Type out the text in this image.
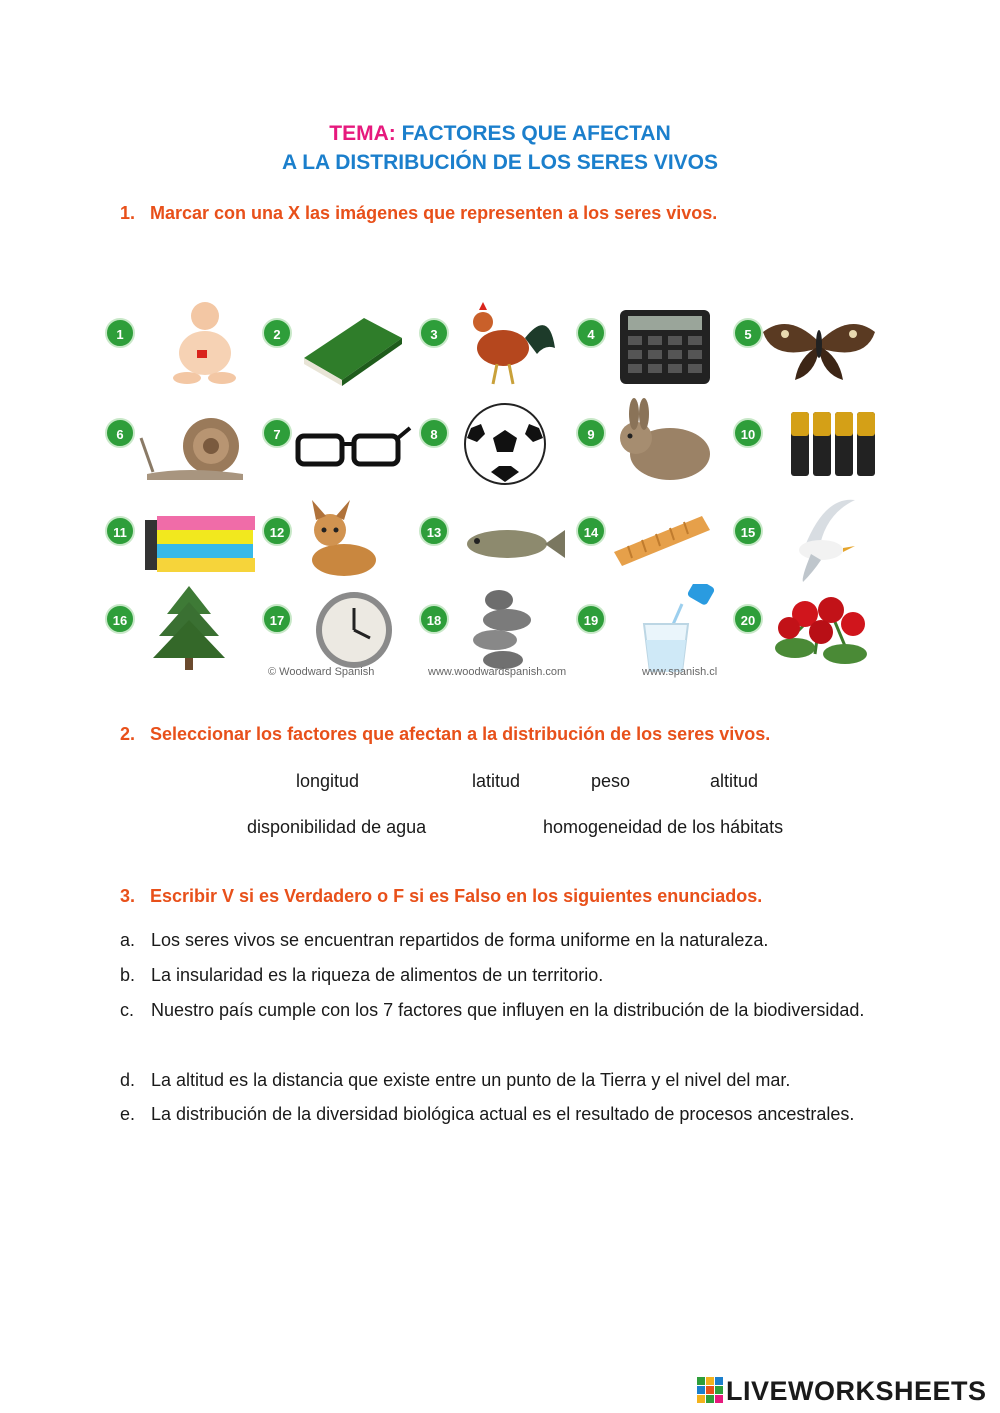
TEMA: FACTORES QUE AFECTAN
A LA DISTRIBUCIÓN DE LOS SERES VIVOS
1. Marcar con una X las imágenes que representen a los seres vivos.
1	2	3	4	5
6	7	8	9	10
11	12	13	14	15
16	17	18	19	20
© Woodward Spanish	www.woodwardspanish.com	www.spanish.cl
2. Seleccionar los factores que afectan a la distribución de los seres vivos.
longitud	latitud	peso	altitud
disponibilidad de agua	homogeneidad de los hábitats
3. Escribir V si es Verdadero o F si es Falso en los siguientes enunciados.
a. Los seres vivos se encuentran repartidos de forma uniforme en la naturaleza.
b. La insularidad es la riqueza de alimentos de un territorio.
c. Nuestro país cumple con los 7 factores que influyen en la distribución de la biodiversidad.
d. La altitud es la distancia que existe entre un punto de la Tierra y el nivel del mar.
e. La distribución de la diversidad biológica actual es el resultado de procesos ancestrales.
LIVEWORKSHEETS
